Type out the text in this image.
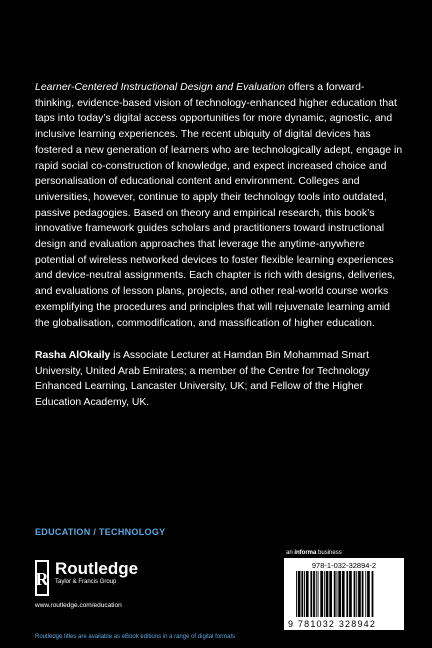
Learner-Centered Instructional Design and Evaluation offers a forward-thinking, evidence-based vision of technology-enhanced higher education that taps into today’s digital access opportunities for more dynamic, agnostic, and inclusive learning experiences. The recent ubiquity of digital devices has fostered a new generation of learners who are technologically adept, engage in rapid social co-construction of knowledge, and expect increased choice and personalisation of educational content and environment. Colleges and universities, however, continue to apply their technology tools into outdated, passive pedagogies. Based on theory and empirical research, this book’s innovative framework guides scholars and practitioners toward instructional design and evaluation approaches that leverage the anytime-anywhere potential of wireless networked devices to foster flexible learning experiences and device-neutral assignments. Each chapter is rich with designs, deliveries, and evaluations of lesson plans, projects, and other real-world course works exemplifying the procedures and principles that will rejuvenate learning amid the globalisation, commodification, and massification of higher education.

Rasha AlOkaily is Associate Lecturer at Hamdan Bin Mohammad Smart University, United Arab Emirates; a member of the Centre for Technology Enhanced Learning, Lancaster University, UK; and Fellow of the Higher Education Academy, UK.
EDUCATION / TECHNOLOGY
R
Routledge
Taylor & Francis Group
www.routledge.com/education
Routledge titles are available as eBook editions in a range of digital formats
an informa business
978-1-032-32894-2
9 781032 328942
